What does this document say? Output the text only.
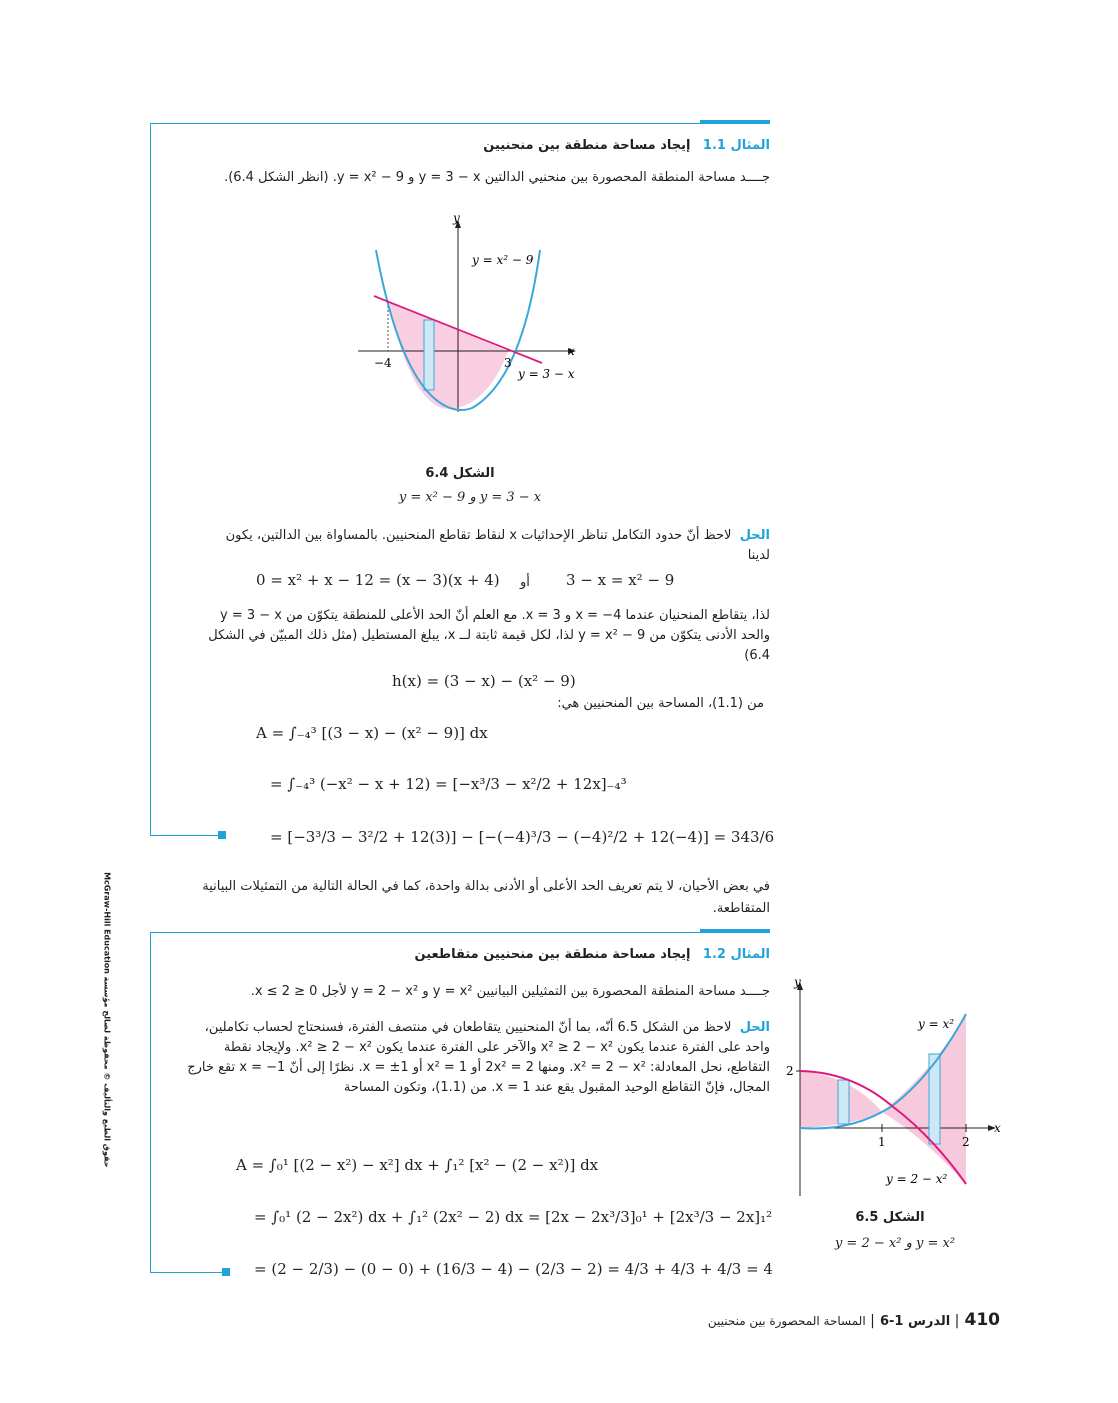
المثال 1.1   إيجاد مساحة منطقة بين منحنيين
جــــد مساحة المنطقة المحصورة بين منحنيي الدالتين y = 3 − x و y = x² − 9. (انظر الشكل 6.4).
x
y
−4	3
y = x² − 9
y = 3 − x
الشكل 6.4
y = 3 − x و y = x² − 9
الحل  لاحظ أنّ حدود التكامل تناظر الإحداثيات x لنقاط تقاطع المنحنيين. بالمساواة بين الدالتين، يكون لدينا
0 = x² + x − 12 = (x − 3)(x + 4) أو 3 − x = x² − 9
لذا، يتقاطع المنحنيان عندما x = −4 و x = 3. مع العلم أنّ الحد الأعلى للمنطقة يتكوّن من y = 3 − x والحد الأدنى يتكوّن من y = x² − 9 لذا، لكل قيمة ثابتة لــ x، يبلغ المستطيل (مثل ذلك المبيّن في الشكل 6.4)
h(x) = (3 − x) − (x² − 9)
من (1.1)، المساحة بين المنحنيين هي:
A = ∫₋₄³ [(3 − x) − (x² − 9)] dx
= ∫₋₄³ (−x² − x + 12) = [−x³/3 − x²/2 + 12x]₋₄³
= [−3³/3 − 3²/2 + 12(3)] − [−(−4)³/3 − (−4)²/2 + 12(−4)] = 343/6
في بعض الأحيان، لا يتم تعريف الحد الأعلى أو الأدنى بدالة واحدة، كما في الحالة التالية من التمثيلات البيانية المتقاطعة.
المثال 1.2   إيجاد مساحة منطقة بين منحنيين متقاطعين
جــــد مساحة المنطقة المحصورة بين التمثيلين البيانيين y = x² و y = 2 − x² لأجل 0 ≤ x ≤ 2.
الحل  لاحظ من الشكل 6.5 أنّه، بما أنّ المنحنيين يتقاطعان في منتصف الفترة، فسنحتاج لحساب تكاملين، واحد على الفترة عندما يكون x² ≥ 2 − x² والآخر على الفترة عندما يكون x² ≥ 2 − x². ولإيجاد نقطة التقاطع، نحل المعادلة: x² = 2 − x². ومنها 2x² = 2 أو x² = 1 أو x = ±1. نظرًا إلى أنّ x = −1 تقع خارج المجال، فإنّ التقاطع الوحيد المقبول يقع عند x = 1. من (1.1)، وتكون المساحة
A = ∫₀¹ [(2 − x²) − x²] dx + ∫₁² [x² − (2 − x²)] dx
= ∫₀¹ (2 − 2x²) dx + ∫₁² (2x² − 2) dx = [2x − 2x³/3]₀¹ + [2x³/3 − 2x]₁²
= (2 − 2/3) − (0 − 0) + (16/3 − 4) − (2/3 − 2) = 4/3 + 4/3 + 4/3 = 4
x
y
2
1	2
y = x²
y = 2 − x²
الشكل 6.5
y = x² و y = 2 − x²
حقوق الطبع والتأليف © محفوظة لصالح مؤسسة McGraw-Hill Education
410 | الدرس 1-6 | المساحة المحصورة بين منحنيين
